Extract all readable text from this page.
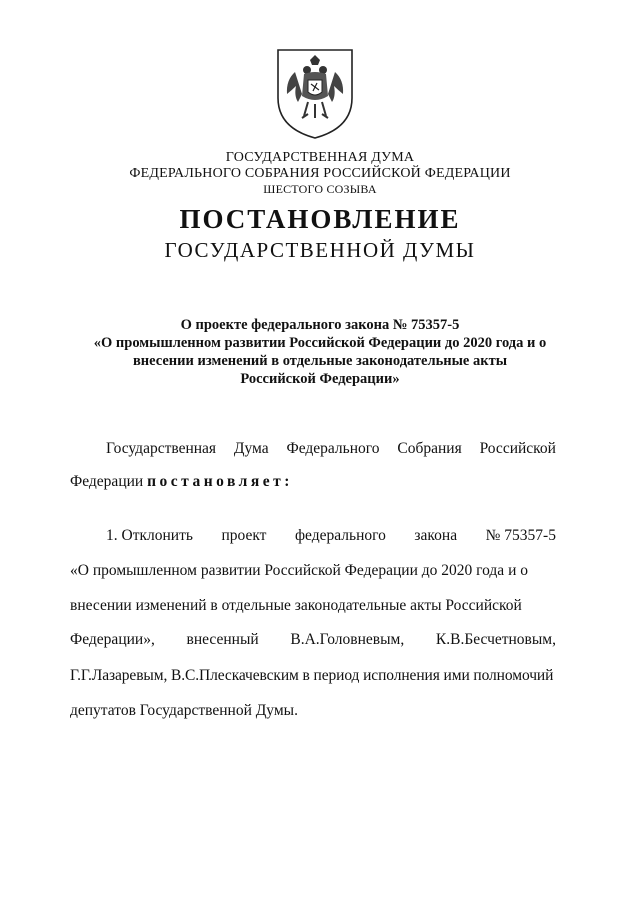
ГОСУДАРСТВЕННАЯ ДУМА
ФЕДЕРАЛЬНОГО СОБРАНИЯ РОССИЙСКОЙ ФЕДЕРАЦИИ
ШЕСТОГО СОЗЫВА
ПОСТАНОВЛЕНИЕ
ГОСУДАРСТВЕННОЙ ДУМЫ
О проекте федерального закона № 75357-5
«О промышленном развитии Российской Федерации до 2020 года и о
внесении изменений в отдельные законодательные акты
Российской Федерации»
Государственная Дума Федерального Собрания Российской
Федерации постановляет:
1. Отклонить проект федерального закона № 75357-5
«О промышленном развитии Российской Федерации до 2020 года и о
внесении изменений в отдельные законодательные акты Российской
Федерации», внесенный В.А.Головневым, К.В.Бесчетновым,
Г.Г.Лазаревым, В.С.Плескачевским в период исполнения ими полномочий
депутатов Государственной Думы.
